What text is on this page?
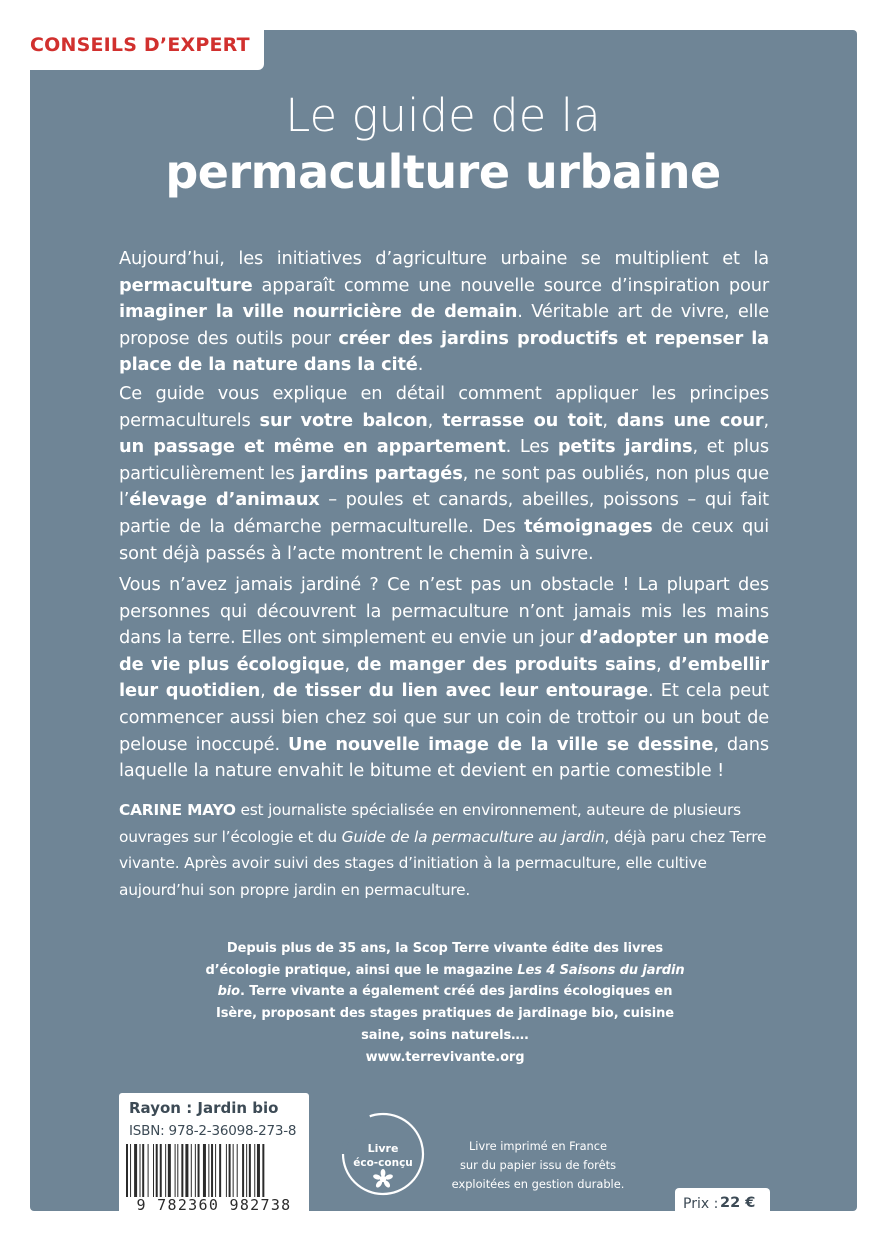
CONSEILS D’EXPERT

Le guide de la
permaculture urbaine

Aujourd’hui, les initiatives d’agriculture urbaine se multiplient et la permaculture apparaît comme une nouvelle source d’inspiration pour imaginer la ville nourricière de demain. Véritable art de vivre, elle propose des outils pour créer des jardins productifs et repenser la place de la nature dans la cité.

Ce guide vous explique en détail comment appliquer les principes permaculturels sur votre balcon, terrasse ou toit, dans une cour, un passage et même en appartement. Les petits jardins, et plus particulièrement les jardins partagés, ne sont pas oubliés, non plus que l’élevage d’animaux – poules et canards, abeilles, poissons – qui fait partie de la démarche permaculturelle. Des témoignages de ceux qui sont déjà passés à l’acte montrent le chemin à suivre.

Vous n’avez jamais jardiné ? Ce n’est pas un obstacle ! La plupart des personnes qui découvrent la permaculture n’ont jamais mis les mains dans la terre. Elles ont simplement eu envie un jour d’adopter un mode de vie plus écologique, de manger des produits sains, d’embellir leur quotidien, de tisser du lien avec leur entourage. Et cela peut commencer aussi bien chez soi que sur un coin de trottoir ou un bout de pelouse inoccupé. Une nouvelle image de la ville se dessine, dans laquelle la nature envahit le bitume et devient en partie comestible !

CARINE MAYO est journaliste spécialisée en environnement, auteure de plusieurs ouvrages sur l’écologie et du Guide de la permaculture au jardin, déjà paru chez Terre vivante. Après avoir suivi des stages d’initiation à la permaculture, elle cultive aujourd’hui son propre jardin en permaculture.

Depuis plus de 35 ans, la Scop Terre vivante édite des livres d’écologie pratique, ainsi que le magazine Les 4 Saisons du jardin bio. Terre vivante a également créé des jardins écologiques en Isère, proposant des stages pratiques de jardinage bio, cuisine saine, soins naturels….
www.terrevivante.org

Rayon : Jardin bio

ISBN: 978-2-36098-273-8

9 782360 982738

Livre

éco-conçu

Livre imprimé en France
sur du papier issu de forêts
exploitées en gestion durable.

Prix : 22 €
